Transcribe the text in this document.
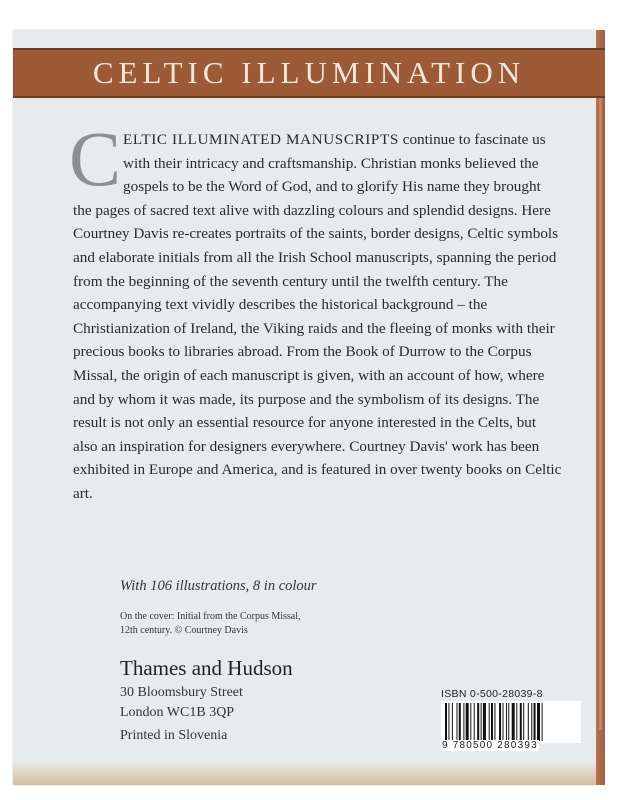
CELTIC ILLUMINATION

CELTIC ILLUMINATED MANUSCRIPTS continue to fascinate us with their intricacy and craftsmanship. Christian monks believed the gospels to be the Word of God, and to glorify His name they brought the pages of sacred text alive with dazzling colours and splendid designs. Here Courtney Davis re-creates portraits of the saints, border designs, Celtic symbols and elaborate initials from all the Irish School manuscripts, spanning the period from the beginning of the seventh century until the twelfth century. The accompanying text vividly describes the historical background – the Christianization of Ireland, the Viking raids and the fleeing of monks with their precious books to libraries abroad. From the Book of Durrow to the Corpus Missal, the origin of each manuscript is given, with an account of how, where and by whom it was made, its purpose and the symbolism of its designs. The result is not only an essential resource for anyone interested in the Celts, but also an inspiration for designers everywhere. Courtney Davis' work has been exhibited in Europe and America, and is featured in over twenty books on Celtic art.

With 106 illustrations, 8 in colour
On the cover: Initial from the Corpus Missal,
12th century. © Courtney Davis
Thames and Hudson
30 Bloomsbury Street
London WC1B 3QP
Printed in Slovenia
ISBN 0-500-28039-8
9 780500 280393
